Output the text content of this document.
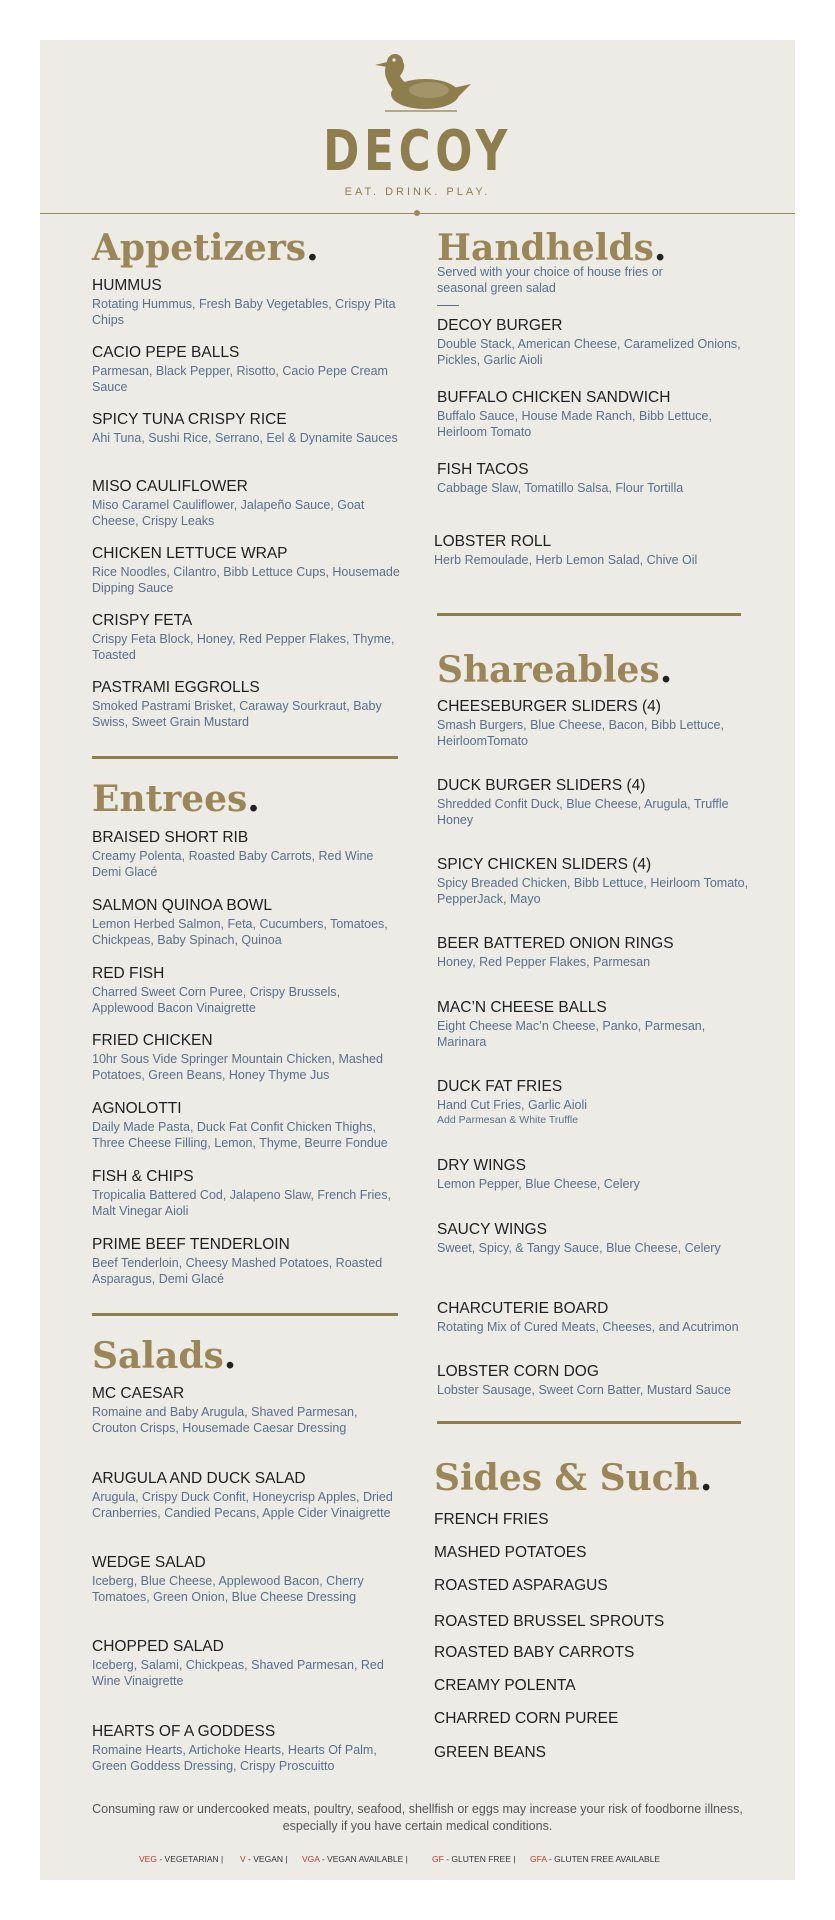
DECOY
EAT. DRINK. PLAY.
Appetizers.
HUMMUS
Rotating Hummus, Fresh Baby Vegetables, Crispy Pita Chips
CACIO PEPE BALLS
Parmesan, Black Pepper, Risotto, Cacio Pepe Cream Sauce
SPICY TUNA CRISPY RICE
Ahi Tuna, Sushi Rice, Serrano, Eel & Dynamite Sauces
MISO CAULIFLOWER
Miso Caramel Cauliflower, Jalapeño Sauce, Goat Cheese, Crispy Leaks
CHICKEN LETTUCE WRAP
Rice Noodles, Cilantro, Bibb Lettuce Cups, Housemade Dipping Sauce
CRISPY FETA
Crispy Feta Block, Honey, Red Pepper Flakes, Thyme, Toasted
PASTRAMI EGGROLLS
Smoked Pastrami Brisket, Caraway Sourkraut, Baby Swiss, Sweet Grain Mustard
Entrees.
BRAISED SHORT RIB
Creamy Polenta, Roasted Baby Carrots, Red Wine Demi Glacé
SALMON QUINOA BOWL
Lemon Herbed Salmon, Feta, Cucumbers, Tomatoes, Chickpeas, Baby Spinach, Quinoa
RED FISH
Charred Sweet Corn Puree, Crispy Brussels, Applewood Bacon Vinaigrette
FRIED CHICKEN
10hr Sous Vide Springer Mountain Chicken, Mashed Potatoes, Green Beans, Honey Thyme Jus
AGNOLOTTI
Daily Made Pasta, Duck Fat Confit Chicken Thighs, Three Cheese Filling, Lemon, Thyme, Beurre Fondue
FISH & CHIPS
Tropicalia Battered Cod, Jalapeno Slaw, French Fries, Malt Vinegar Aioli
PRIME BEEF TENDERLOIN
Beef Tenderloin, Cheesy Mashed Potatoes, Roasted Asparagus, Demi Glacé
Salads.
MC CAESAR
Romaine and Baby Arugula, Shaved Parmesan, Crouton Crisps, Housemade Caesar Dressing
ARUGULA AND DUCK SALAD
Arugula, Crispy Duck Confit, Honeycrisp Apples, Dried Cranberries, Candied Pecans, Apple Cider Vinaigrette
WEDGE SALAD
Iceberg, Blue Cheese, Applewood Bacon, Cherry Tomatoes, Green Onion, Blue Cheese Dressing
CHOPPED SALAD
Iceberg, Salami, Chickpeas, Shaved Parmesan, Red Wine Vinaigrette
HEARTS OF A GODDESS
Romaine Hearts, Artichoke Hearts, Hearts Of Palm, Green Goddess Dressing, Crispy Proscuitto
Handhelds.
Served with your choice of house fries or seasonal green salad
DECOY BURGER
Double Stack, American Cheese, Caramelized Onions, Pickles, Garlic Aioli
BUFFALO CHICKEN SANDWICH
Buffalo Sauce, House Made Ranch, Bibb Lettuce, Heirloom Tomato
FISH TACOS
Cabbage Slaw, Tomatillo Salsa, Flour Tortilla
LOBSTER ROLL
Herb Remoulade, Herb Lemon Salad, Chive Oil
Shareables.
CHEESEBURGER SLIDERS (4)
Smash Burgers, Blue Cheese, Bacon, Bibb Lettuce, HeirloomTomato
DUCK BURGER SLIDERS (4)
Shredded Confit Duck, Blue Cheese, Arugula, Truffle Honey
SPICY CHICKEN SLIDERS (4)
Spicy Breaded Chicken, Bibb Lettuce, Heirloom Tomato, PepperJack, Mayo
BEER BATTERED ONION RINGS
Honey, Red Pepper Flakes, Parmesan
MAC’N CHEESE BALLS
Eight Cheese Mac’n Cheese, Panko, Parmesan, Marinara
DUCK FAT FRIES
Hand Cut Fries, Garlic Aioli
Add Parmesan & White Truffle
DRY WINGS
Lemon Pepper, Blue Cheese, Celery
SAUCY WINGS
Sweet, Spicy, & Tangy Sauce, Blue Cheese, Celery
CHARCUTERIE BOARD
Rotating Mix of Cured Meats, Cheeses, and Acutrimon
LOBSTER CORN DOG
Lobster Sausage, Sweet Corn Batter, Mustard Sauce
Sides & Such.
FRENCH FRIES
MASHED POTATOES
ROASTED ASPARAGUS
ROASTED BRUSSEL SPROUTS
ROASTED BABY CARROTS
CREAMY POLENTA
CHARRED CORN PUREE
GREEN BEANS
Consuming raw or undercooked meats, poultry, seafood, shellfish or eggs may increase your risk of foodborne illness, especially if you have certain medical conditions.
VEG - VEGETARIAN | V - VEGAN | VGA - VEGAN AVAILABLE |	GF - GLUTEN FREE | GFA - GLUTEN FREE AVAILABLE
